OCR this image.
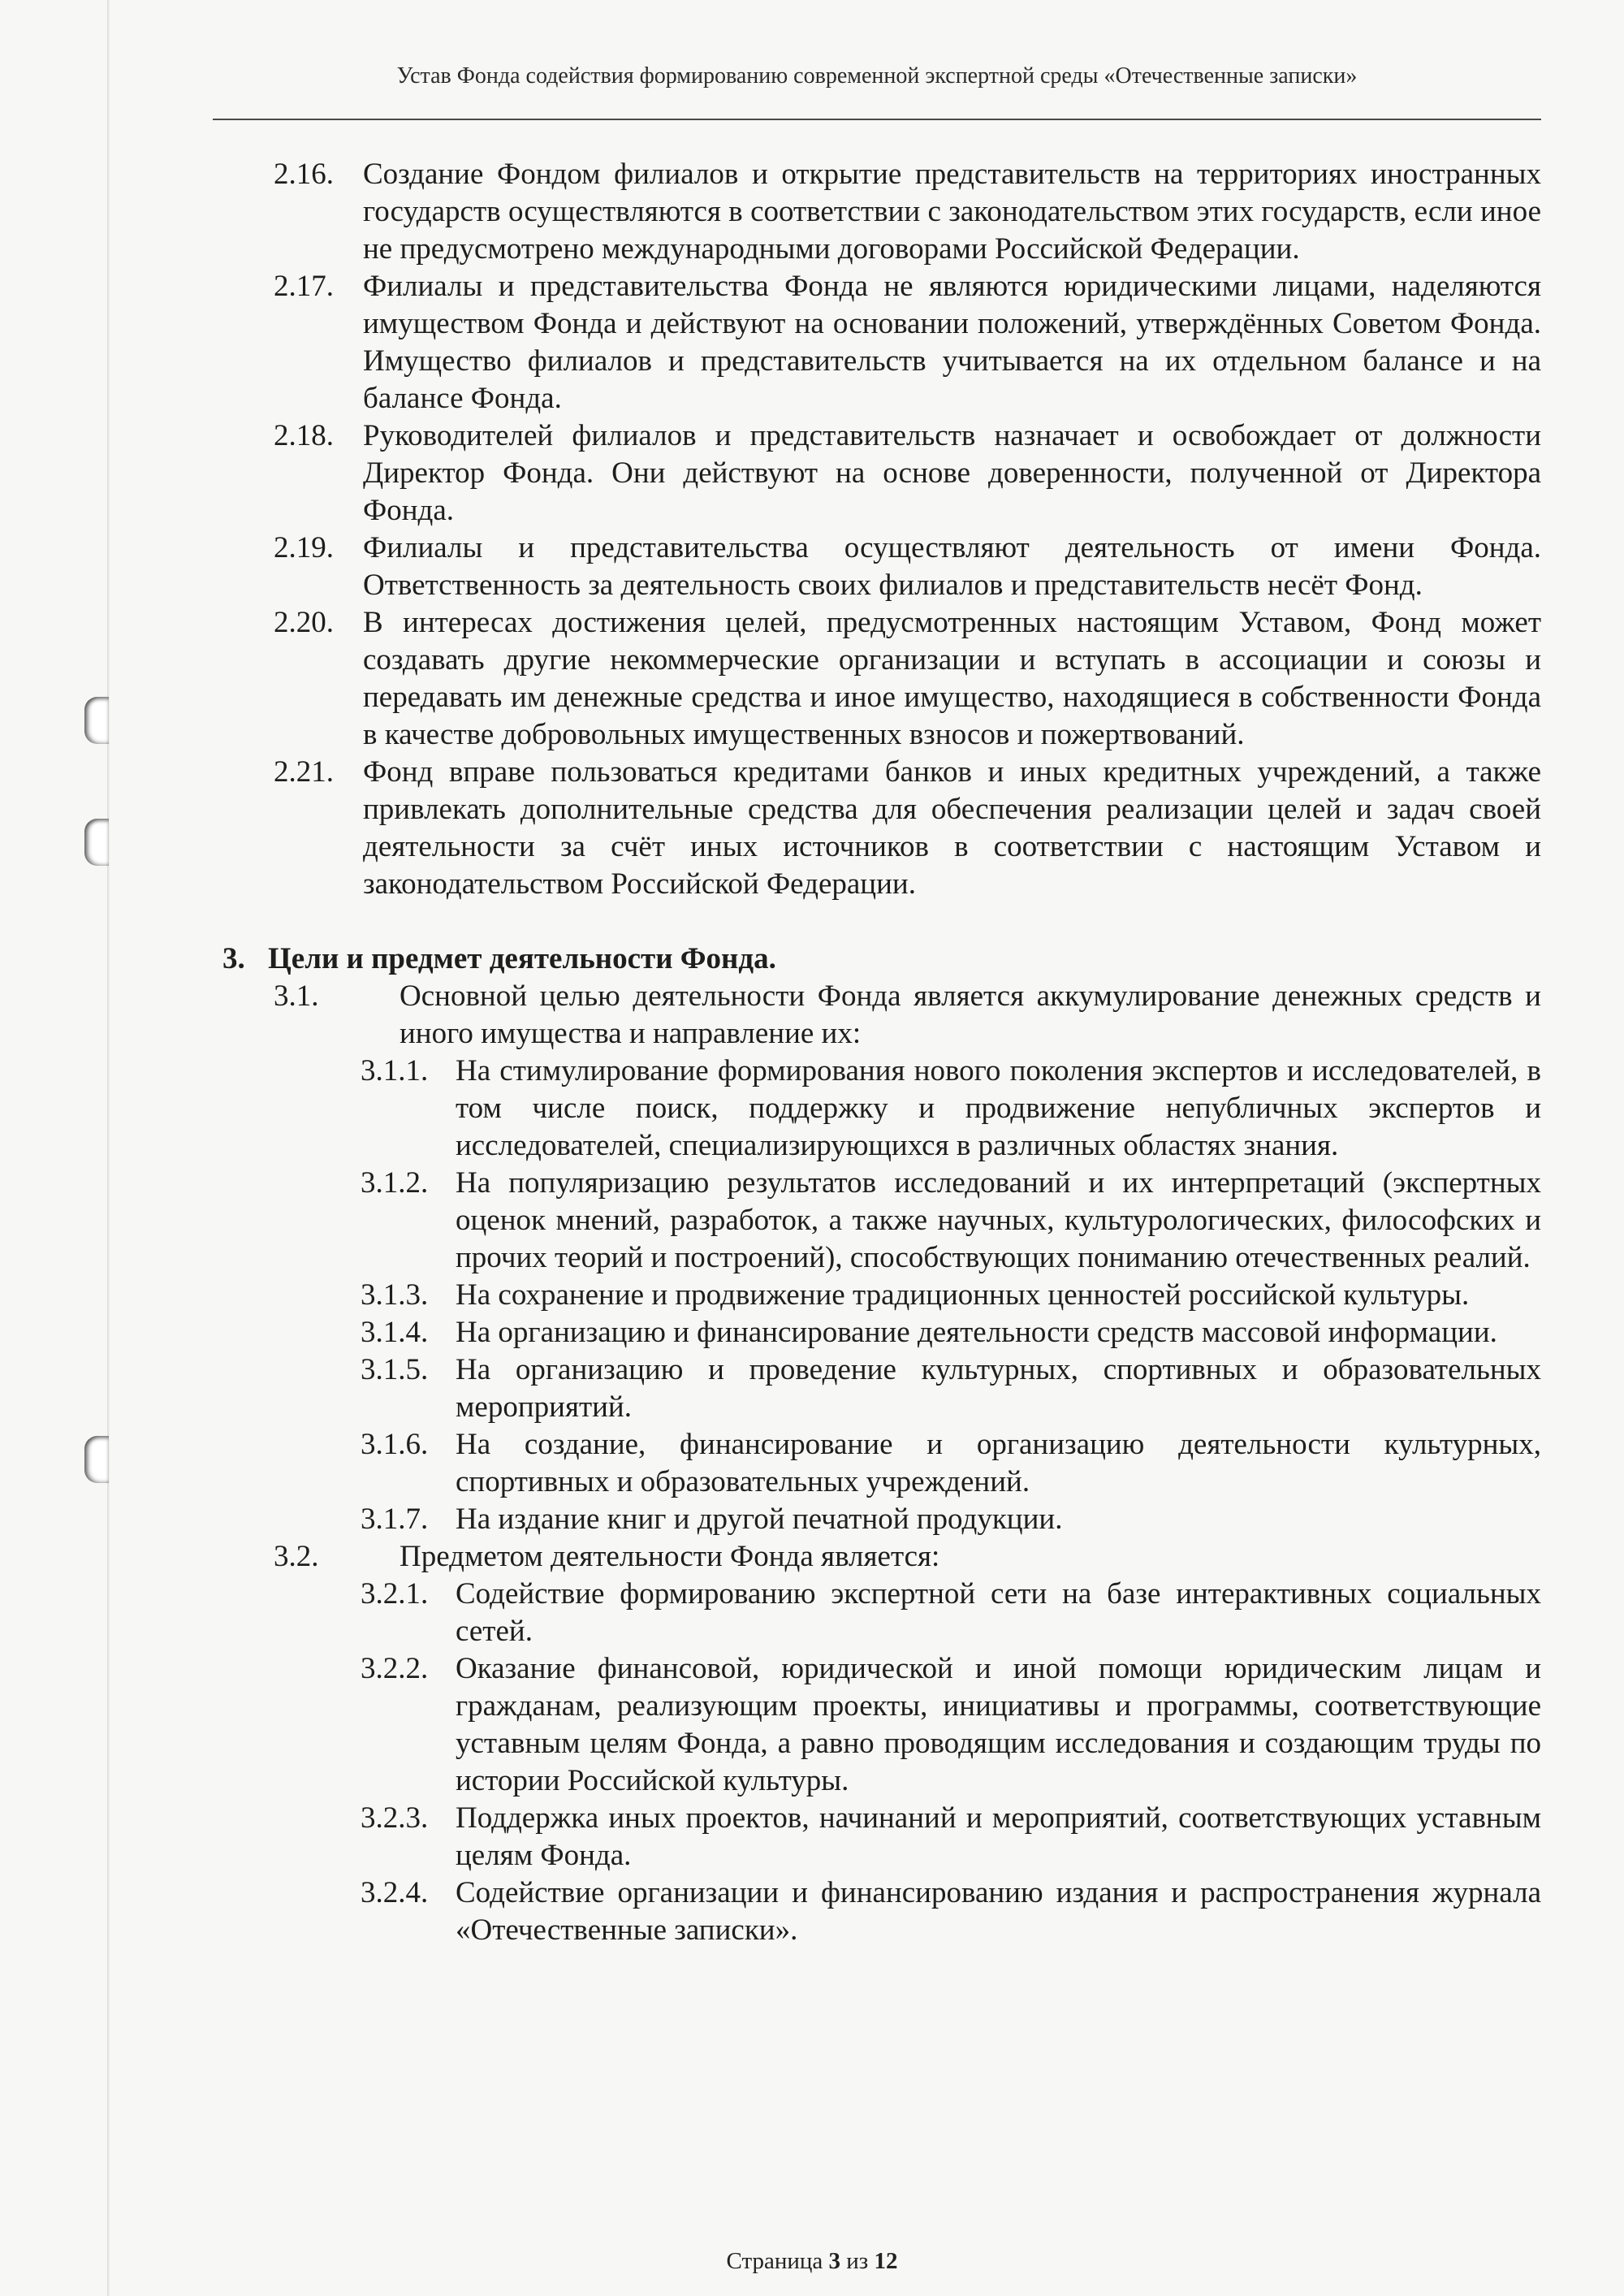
Устав Фонда содействия формированию современной экспертной среды «Отечественные записки»
2.16. Создание Фондом филиалов и открытие представительств на территориях иностранных государств осуществляются в соответствии с законодательством этих государств, если иное не предусмотрено международными договорами Российской Федерации.
2.17. Филиалы и представительства Фонда не являются юридическими лицами, наделяются имуществом Фонда и действуют на основании положений, утверждённых Советом Фонда. Имущество филиалов и представительств учитывается на их отдельном балансе и на балансе Фонда.
2.18. Руководителей филиалов и представительств назначает и освобождает от должности Директор Фонда. Они действуют на основе доверенности, полученной от Директора Фонда.
2.19. Филиалы и представительства осуществляют деятельность от имени Фонда. Ответственность за деятельность своих филиалов и представительств несёт Фонд.
2.20. В интересах достижения целей, предусмотренных настоящим Уставом, Фонд может создавать другие некоммерческие организации и вступать в ассоциации и союзы и передавать им денежные средства и иное имущество, находящиеся в собственности Фонда в качестве добровольных имущественных взносов и пожертвований.
2.21. Фонд вправе пользоваться кредитами банков и иных кредитных учреждений, а также привлекать дополнительные средства для обеспечения реализации целей и задач своей деятельности за счёт иных источников в соответствии с настоящим Уставом и законодательством Российской Федерации.
3. Цели и предмет деятельности Фонда.
3.1.	Основной целью деятельности Фонда является аккумулирование денежных средств и иного имущества и направление их:
3.1.1. На стимулирование формирования нового поколения экспертов и исследователей, в том числе поиск, поддержку и продвижение непубличных экспертов и исследователей, специализирующихся в различных областях знания.
3.1.2. На популяризацию результатов исследований и их интерпретаций (экспертных оценок мнений, разработок, а также научных, культурологических, философских и прочих теорий и построений), способствующих пониманию отечественных реалий.
3.1.3. На сохранение и продвижение традиционных ценностей российской культуры.
3.1.4. На организацию и финансирование деятельности средств массовой информации.
3.1.5. На организацию и проведение культурных, спортивных и образовательных мероприятий.
3.1.6. На создание, финансирование и организацию деятельности культурных, спортивных и образовательных учреждений.
3.1.7. На издание книг и другой печатной продукции.
3.2.	Предметом деятельности Фонда является:
3.2.1. Содействие формированию экспертной сети на базе интерактивных социальных сетей.
3.2.2. Оказание финансовой, юридической и иной помощи юридическим лицам и гражданам, реализующим проекты, инициативы и программы, соответствующие уставным целям Фонда, а равно проводящим исследования и создающим труды по истории Российской культуры.
3.2.3. Поддержка иных проектов, начинаний и мероприятий, соответствующих уставным целям Фонда.
3.2.4. Содействие организации и финансированию издания и распространения журнала «Отечественные записки».
Страница 3 из 12
